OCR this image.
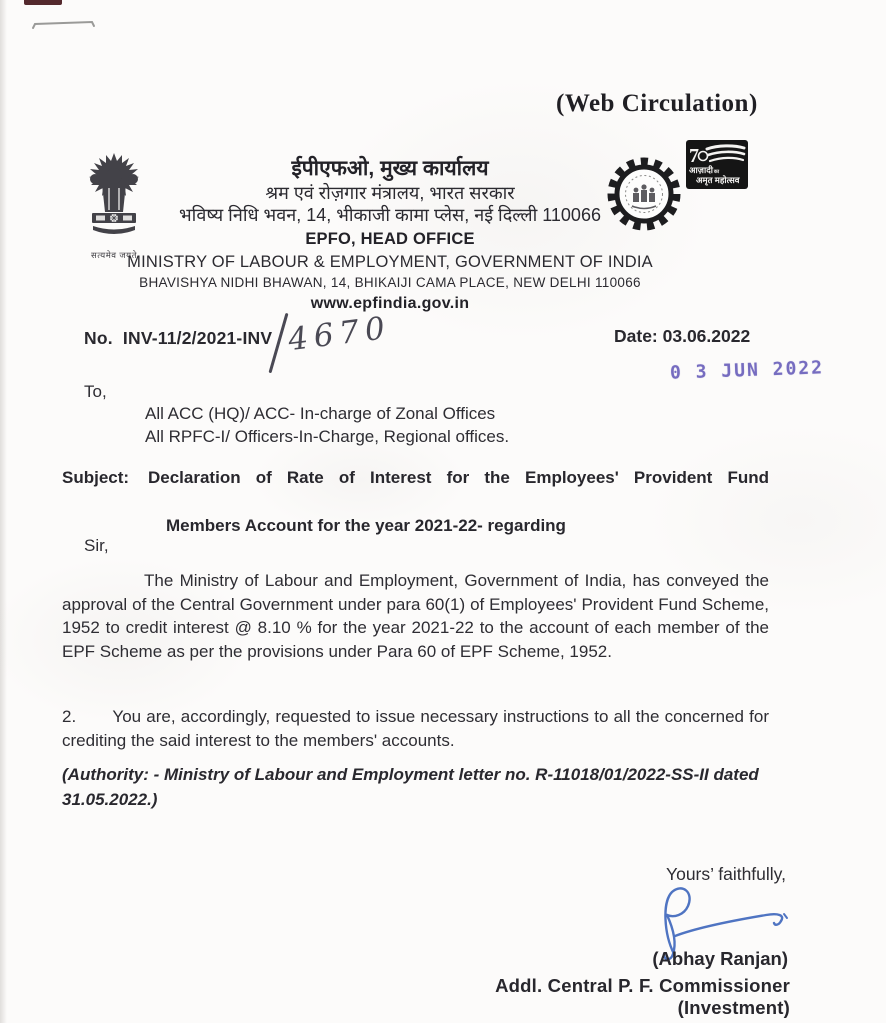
(Web Circulation)
सत्यमेव जयते
ईपीएफओ, मुख्य कार्यालय
श्रम एवं रोज़गार मंत्रालय, भारत सरकार
भविष्य निधि भवन, 14, भीकाजी कामा प्लेस, नई दिल्ली 110066
EPFO, HEAD OFFICE
MINISTRY OF LABOUR & EMPLOYMENT, GOVERNMENT OF INDIA
BHAVISHYA NIDHI BHAWAN, 14, BHIKAIJI CAMA PLACE, NEW DELHI 110066
www.epfindia.gov.in
7
आज़ादीका
अमृत महोत्सव
No.  INV-11/2/2021-INV 4670	Date: 03.06.2022
0 3 JUN 2022
To,
All ACC (HQ)/ ACC- In-charge of Zonal Offices
All RPFC-I/ Officers-In-Charge, Regional offices.
Subject:	Declaration of Rate of Interest for the Employees' Provident Fund
Members Account for the year 2021-22- regarding
Sir,

The Ministry of Labour and Employment, Government of India, has conveyed the approval of the Central Government under para 60(1) of Employees' Provident Fund Scheme, 1952 to credit interest @ 8.10 % for the year 2021-22 to the account of each member of the EPF Scheme as per the provisions under Para 60 of EPF Scheme, 1952.

2.       You are, accordingly, requested to issue necessary instructions to all the concerned for crediting the said interest to the members' accounts.

(Authority: - Ministry of Labour and Employment letter no. R-11018/01/2022-SS-II dated 31.05.2022.)

Yours’ faithfully,
(Abhay Ranjan)
Addl. Central P. F. Commissioner (Investment)
